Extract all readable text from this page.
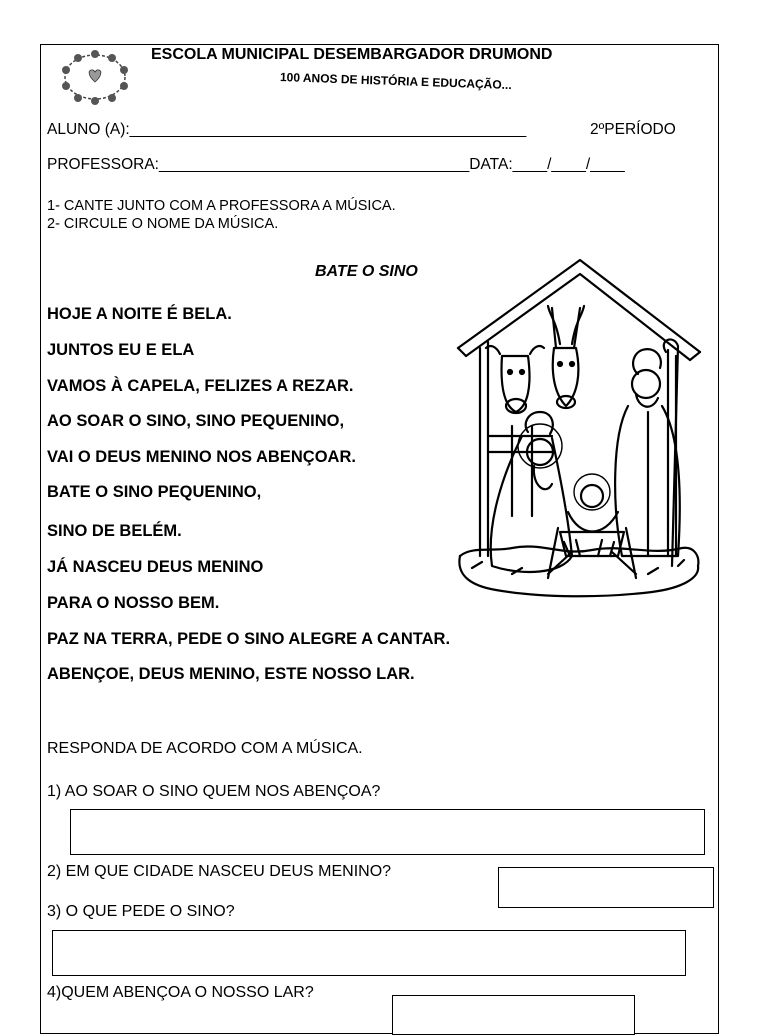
ESCOLA MUNICIPAL DESEMBARGADOR DRUMOND
100 ANOS DE HISTÓRIA E EDUCAÇÃO...
ALUNO (A):______________________________________________	2ºPERÍODO
PROFESSORA:____________________________________DATA:____/____/____
1- CANTE JUNTO COM A PROFESSORA A MÚSICA.
2- CIRCULE O NOME DA MÚSICA.
BATE O SINO
HOJE A NOITE É BELA.
JUNTOS EU E ELA
VAMOS À CAPELA, FELIZES A REZAR.
AO SOAR O SINO, SINO PEQUENINO,
VAI O DEUS MENINO NOS ABENÇOAR.
BATE O SINO PEQUENINO,
SINO DE BELÉM.
JÁ NASCEU DEUS MENINO
PARA O NOSSO BEM.
PAZ NA TERRA, PEDE O SINO ALEGRE A CANTAR.
ABENÇOE, DEUS MENINO, ESTE NOSSO LAR.
RESPONDA DE ACORDO COM A MÚSICA.
1) AO SOAR O SINO QUEM NOS ABENÇOA?
2) EM QUE CIDADE NASCEU DEUS MENINO?
3) O QUE PEDE O SINO?
4)QUEM ABENÇOA O NOSSO LAR?
